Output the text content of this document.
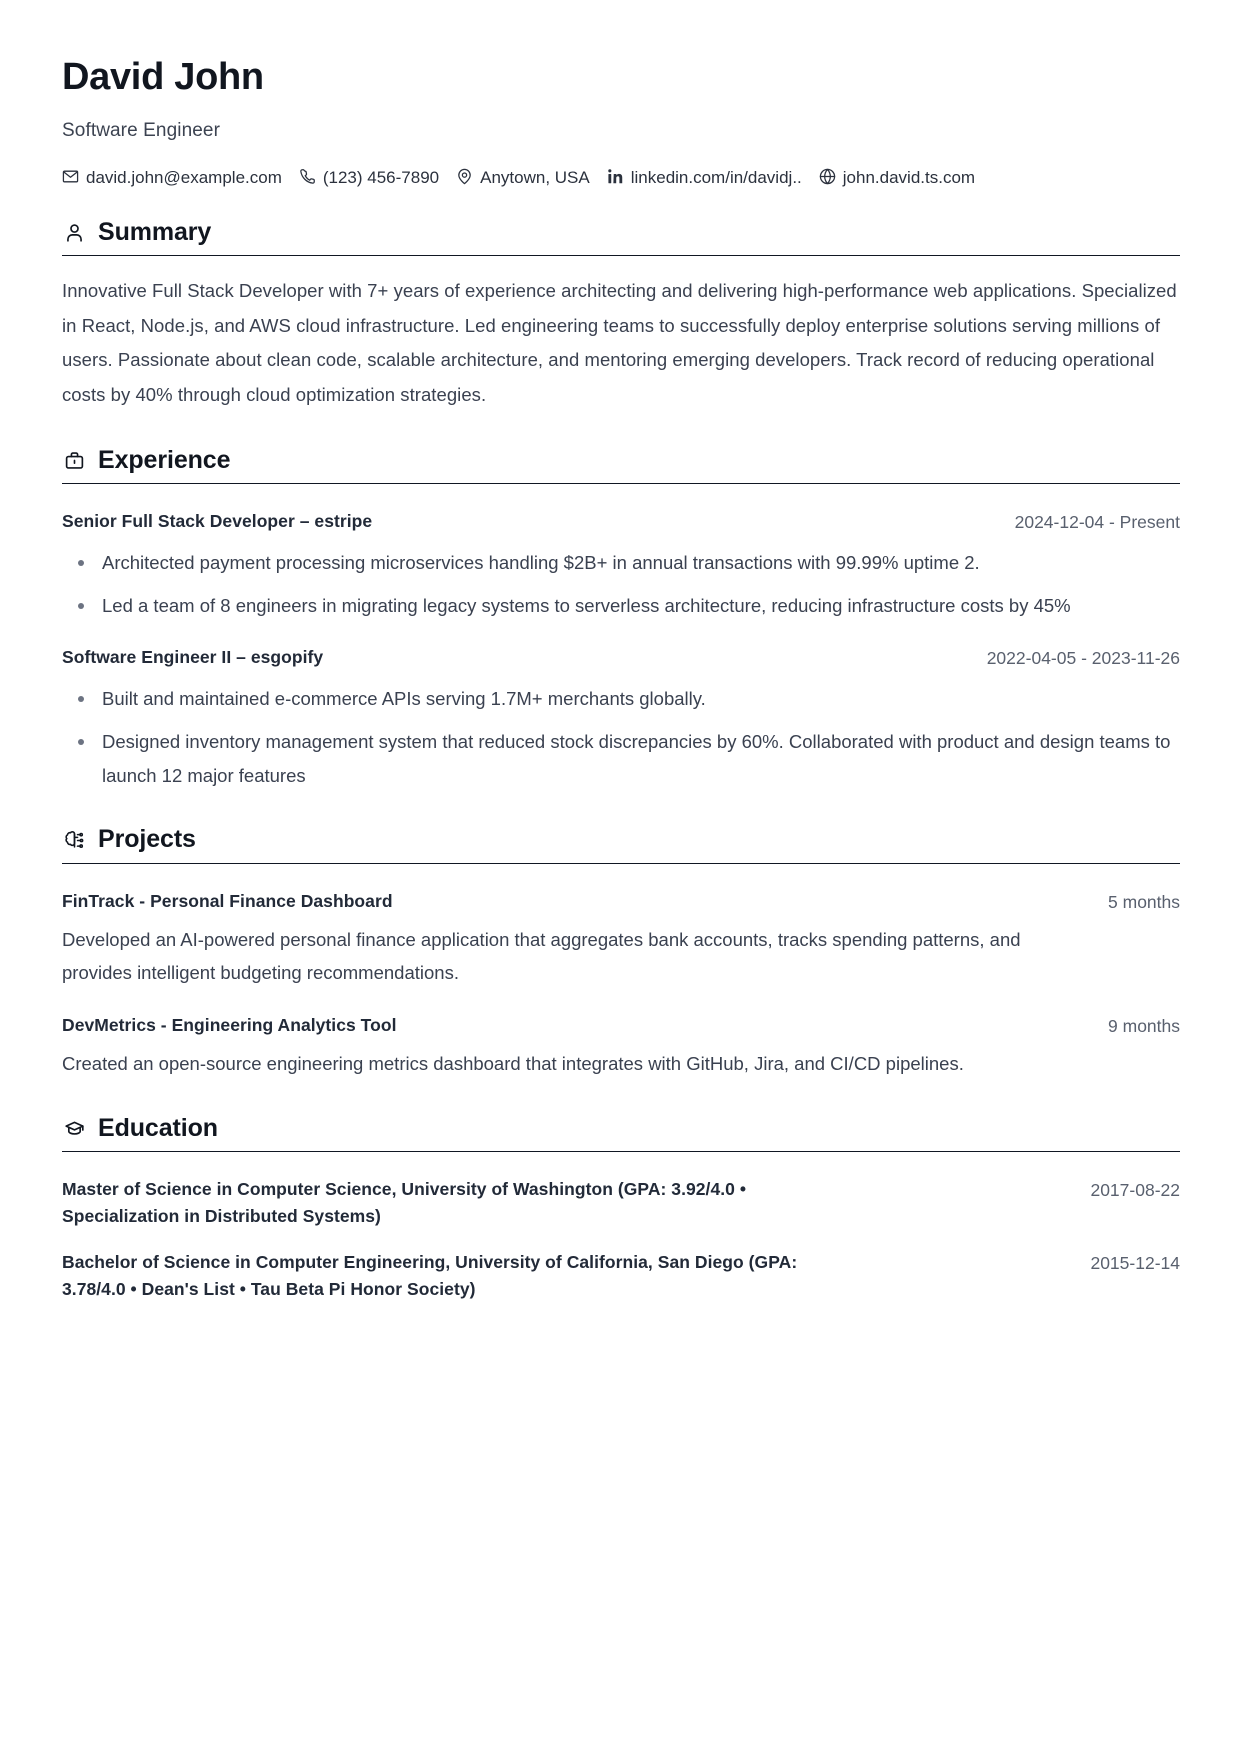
David John
Software Engineer
david.john@example.com (123) 456-7890 Anytown, USA linkedin.com/in/davidj.. john.david.ts.com
Summary

Innovative Full Stack Developer with 7+ years of experience architecting and delivering high-performance web applications. Specialized in React, Node.js, and AWS cloud infrastructure. Led engineering teams to successfully deploy enterprise solutions serving millions of users. Passionate about clean code, scalable architecture, and mentoring emerging developers. Track record of reducing operational costs by 40% through cloud optimization strategies.

Experience
Senior Full Stack Developer – estripe	2024-12-04 - Present
Architected payment processing microservices handling $2B+ in annual transactions with 99.99% uptime 2.
Led a team of 8 engineers in migrating legacy systems to serverless architecture, reducing infrastructure costs by 45%
Software Engineer II – esgopify	2022-04-05 - 2023-11-26
Built and maintained e-commerce APIs serving 1.7M+ merchants globally.
Designed inventory management system that reduced stock discrepancies by 60%. Collaborated with product and design teams to launch 12 major features
Projects
FinTrack - Personal Finance Dashboard	5 months
Developed an AI-powered personal finance application that aggregates bank accounts, tracks spending patterns, and provides intelligent budgeting recommendations.
DevMetrics - Engineering Analytics Tool	9 months
Created an open-source engineering metrics dashboard that integrates with GitHub, Jira, and CI/CD pipelines.
Education
Master of Science in Computer Science, University of Washington (GPA: 3.92/4.0 • Specialization in Distributed Systems)
2017-08-22
Bachelor of Science in Computer Engineering, University of California, San Diego (GPA: 3.78/4.0 • Dean's List • Tau Beta Pi Honor Society)
2015-12-14
